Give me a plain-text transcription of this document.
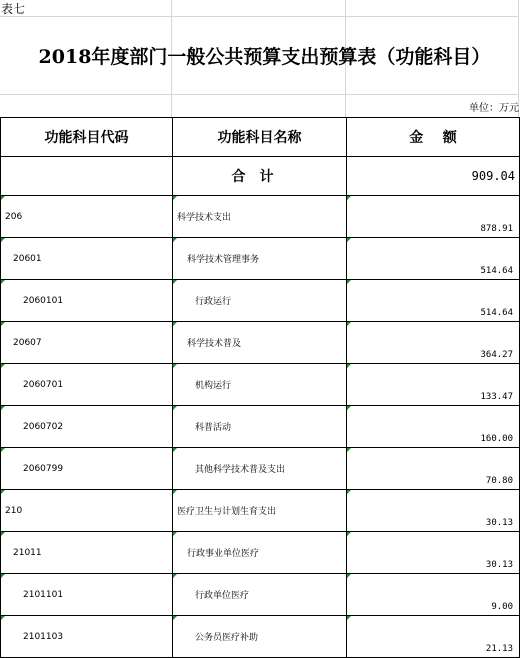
表七
2018年度部门一般公共预算支出预算表（功能科目）
单位：万元
功能科目代码	功能科目名称	金    额
	合计	909.04

206	科学技术支出	878.91

20601	科学技术管理事务	514.64

2060101	行政运行	514.64

20607	科学技术普及	364.27

2060701	机构运行	133.47

2060702	科普活动	160.00

2060799	其他科学技术普及支出	70.80

210	医疗卫生与计划生育支出	30.13

21011	行政事业单位医疗	30.13

2101101	行政单位医疗	9.00

2101103	公务员医疗补助	21.13
